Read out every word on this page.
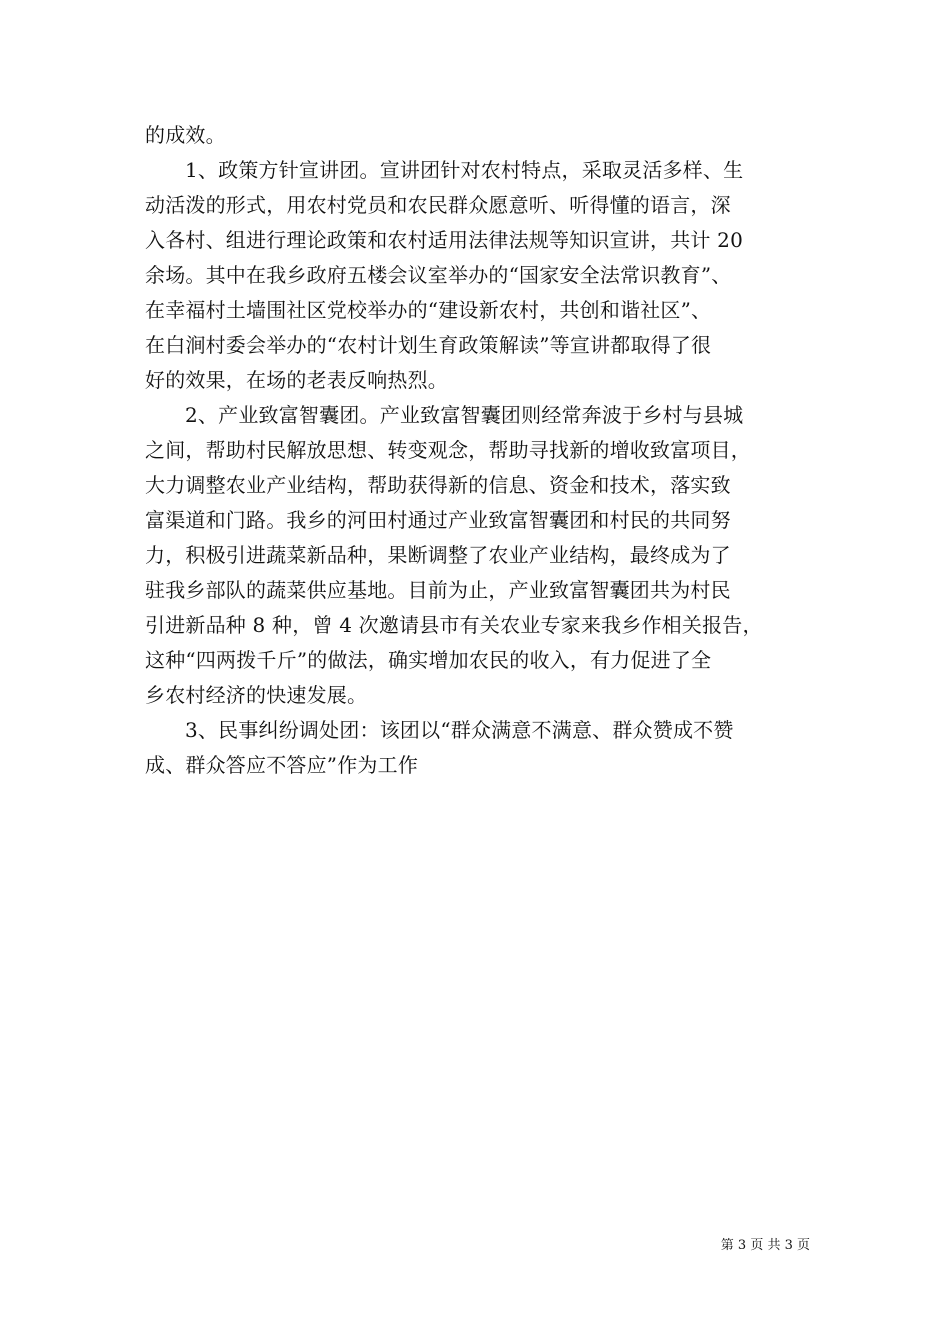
的成效。
1、政策方针宣讲团。宣讲团针对农村特点，采取灵活多样、生
动活泼的形式，用农村党员和农民群众愿意听、听得懂的语言，深
入各村、组进行理论政策和农村适用法律法规等知识宣讲，共计 20
余场。其中在我乡政府五楼会议室举办的“国家安全法常识教育”、
在幸福村土墙围社区党校举办的“建设新农村，共创和谐社区”、
在白涧村委会举办的“农村计划生育政策解读”等宣讲都取得了很
好的效果，在场的老表反响热烈。
2、产业致富智囊团。产业致富智囊团则经常奔波于乡村与县城
之间，帮助村民解放思想、转变观念，帮助寻找新的增收致富项目，
大力调整农业产业结构，帮助获得新的信息、资金和技术，落实致
富渠道和门路。我乡的河田村通过产业致富智囊团和村民的共同努
力，积极引进蔬菜新品种，果断调整了农业产业结构，最终成为了
驻我乡部队的蔬菜供应基地。目前为止，产业致富智囊团共为村民
引进新品种 8 种，曾 4 次邀请县市有关农业专家来我乡作相关报告，
这种“四两拨千斤”的做法，确实增加农民的收入，有力促进了全
乡农村经济的快速发展。
3、民事纠纷调处团：该团以“群众满意不满意、群众赞成不赞
成、群众答应不答应”作为工作
第 3 页 共 3 页
